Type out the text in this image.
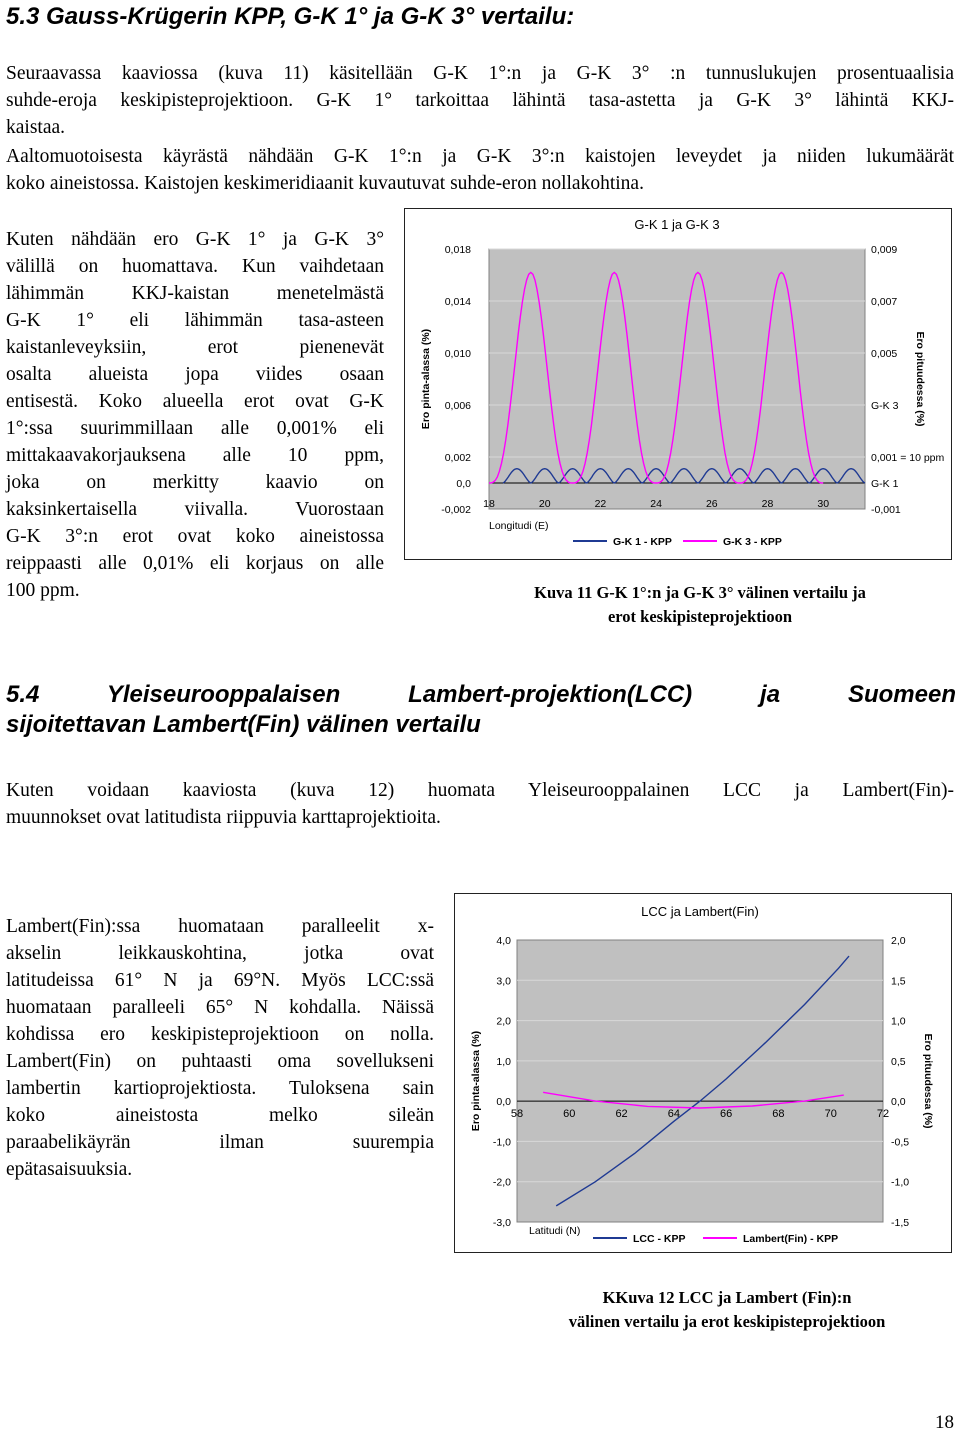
5.3 Gauss-Krügerin KPP, G-K 1° ja G-K 3° vertailu:
Seuraavassa kaaviossa (kuva 11) käsitellään G-K 1°:n ja G-K 3° :n tunnuslukujen prosentuaalisia
suhde-eroja keskipisteprojektioon. G-K 1° tarkoittaa lähintä tasa-astetta ja G-K 3° lähintä KKJ-
kaistaa.
Aaltomuotoisesta käyrästä nähdään G-K 1°:n ja G-K 3°:n kaistojen leveydet ja niiden lukumäärät
koko aineistossa. Kaistojen keskimeridiaanit kuvautuvat suhde-eron nollakohtina.
Kuten nähdään ero G-K 1° ja G-K 3°
välillä on huomattava. Kun vaihdetaan
lähimmän KKJ-kaistan menetelmästä
G-K 1° eli lähimmän tasa-asteen
kaistanleveyksiin, erot pienenevät
osalta alueista jopa viides osaan
entisestä. Koko alueella erot ovat G-K
1°:ssa suurimmillaan alle 0,001% eli
mittakaavakorjauksena alle 10 ppm,
joka on merkitty kaavio on
kaksinkertaisella viivalla. Vuorostaan
G-K 3°:n erot ovat koko aineistossa
reippaasti alle 0,01% eli korjaus on alle
100 ppm.
G-K 1 ja G-K 3
-0,002
0,0
0,002
0,006
0,010
0,014
0,018
-0,001
G-K 1
0,001 = 10 ppm
G-K 3
0,005
0,007
0,009
18	20	22	24	26	28	30
Longitudi (E)
Ero pinta-alassa (%)	Ero pituudessa (%)
G-K 1 - KPP	G-K 3 - KPP
Kuva 11 G-K 1°:n ja G-K 3° välinen vertailu ja
erot keskipisteprojektioon
5.4 Yleiseurooppalaisen Lambert-projektion(LCC) ja Suomeen
sijoitettavan Lambert(Fin) välinen vertailu
Kuten voidaan kaaviosta (kuva 12) huomata Yleiseurooppalainen LCC ja Lambert(Fin)-
muunnokset ovat latitudista riippuvia karttaprojektioita.
Lambert(Fin):ssa huomataan paralleelit x-
akselin leikkauskohtina, jotka ovat
latitudeissa 61° N ja 69°N. Myös LCC:ssä
huomataan paralleeli 65° N kohdalla. Näissä
kohdissa ero keskipisteprojektioon on nolla.
Lambert(Fin) on puhtaasti oma sovellukseni
lambertin kartioprojektiosta. Tuloksena sain
koko aineistosta melko sileän
paraabelikäyrän ilman suurempia
epätasaisuuksia.
LCC ja Lambert(Fin)
-3,0	-1,5
-2,0	-1,0
-1,0	-0,5
0,0	0,0
1,0	0,5
2,0	1,0
3,0	1,5
4,0	2,0
58	60	62	64	66	68	70	72
Latitudi (N)
Ero pinta-alassa (%)	Ero pituudessa (%)
LCC - KPP	Lambert(Fin) - KPP
KKuva 12 LCC ja Lambert (Fin):n
välinen vertailu ja erot keskipisteprojektioon
18
